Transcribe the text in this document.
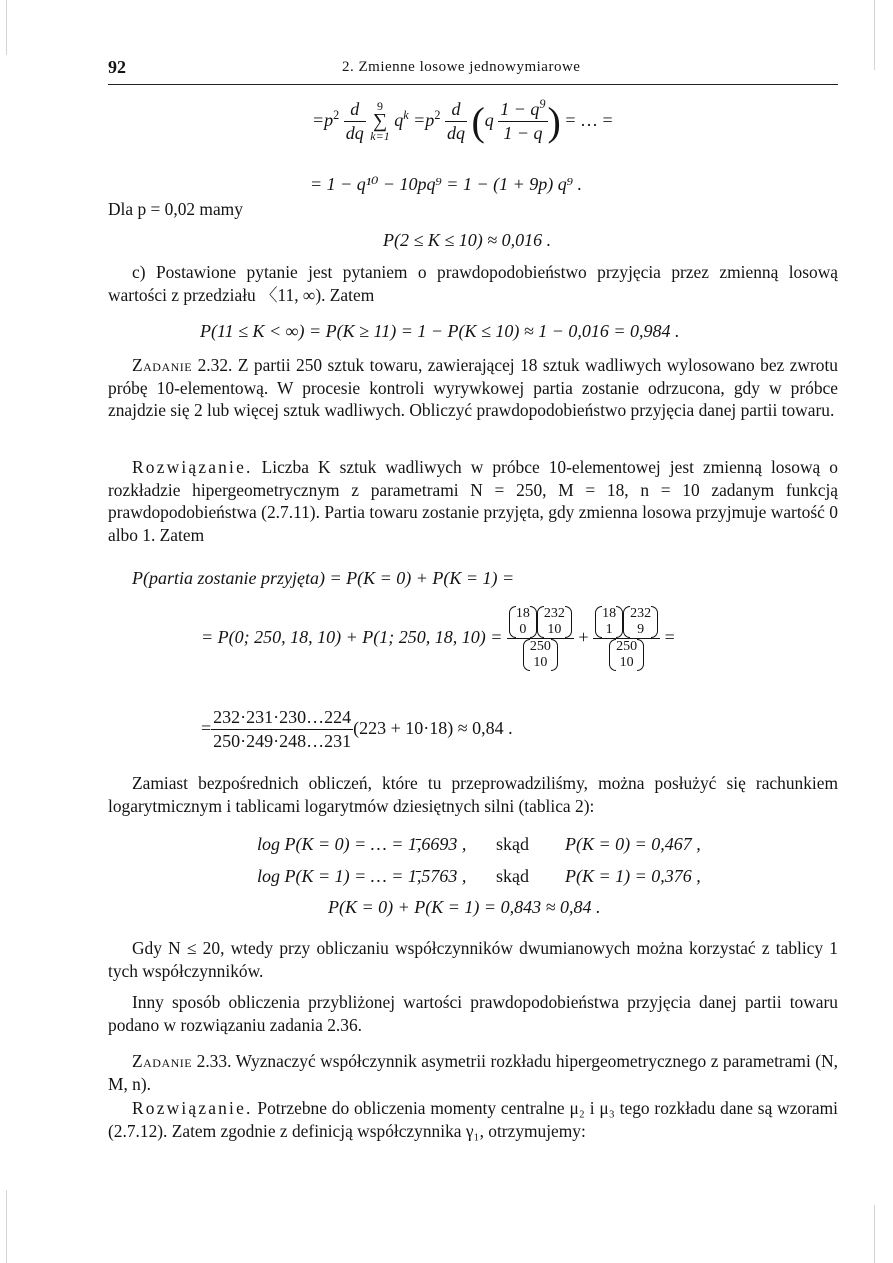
92	2. Zmienne losowe jednowymiarowe
$=p^2 \frac{d}{dq} 9$
∑
k=1 $q^k =p^2 \frac{d}{dq} (q \frac{1 - q^9}{1 - q}$ ) = … =
= 1 − q¹⁰ − 10pq⁹ = 1 − (1 + 9p) q⁹ .
Dla p = 0,02 mamy
P(2 ≤ K ≤ 10) ≈ 0,016 .
c) Postawione pytanie jest pytaniem o prawdopodobieństwo przyjęcia przez zmienną losową wartości z przedziału 〈11, ∞). Zatem
P(11 ≤ K < ∞) = P(K ≥ 11) = 1 − P(K ≤ 10) ≈ 1 − 0,016 = 0,984 .
Zadanie 2.32. Z partii 250 sztuk towaru, zawierającej 18 sztuk wadliwych wylosowano bez zwrotu próbę 10-elementową. W procesie kontroli wyrywkowej partia zostanie odrzucona, gdy w próbce znajdzie się 2 lub więcej sztuk wadliwych. Obliczyć prawdopodobieństwo przyjęcia danej partii towaru.
Rozwiązanie. Liczba K sztuk wadliwych w próbce 10-elementowej jest zmienną losową o rozkładzie hipergeometrycznym z parametrami N = 250, M = 18, n = 10 zadanym funkcją prawdopodobieństwa (2.7.11). Partia towaru zostanie przyjęta, gdy zmienna losowa przyjmuje wartość 0 albo 1. Zatem
P(partia zostanie przyjęta) = P(K = 0) + P(K = 1) =
= P(0; 250, 18, 10) + P(1; 250, 18, 10) = 18
0
232
10
250
10 + 18
1
232
9
250
10 =
= $\frac{232\cdot 231\cdot 230\dots 224}{250\cdot 249\cdot 248\dots 231} (223 + 10\cdot 18) \approx 0,84$ .
Zamiast bezpośrednich obliczeń, które tu przeprowadziliśmy, można posłużyć się rachunkiem logarytmicznym i tablicami logarytmów dziesiętnych silni (tablica 2):
log P(K = 0) = … = 1̄,6693 , skąd P(K = 0) = 0,467 ,
log P(K = 1) = … = 1̄,5763 , skąd P(K = 1) = 0,376 ,
P(K = 0) + P(K = 1) = 0,843 ≈ 0,84 .
Gdy N ≤ 20, wtedy przy obliczaniu współczynników dwumianowych można korzystać z tablicy 1 tych współczynników.
Inny sposób obliczenia przybliżonej wartości prawdopodobieństwa przyjęcia danej partii towaru podano w rozwiązaniu zadania 2.36.
Zadanie 2.33. Wyznaczyć współczynnik asymetrii rozkładu hipergeometrycznego z parametrami (N, M, n).
Rozwiązanie. Potrzebne do obliczenia momenty centralne μ₂ i μ₃ tego rozkładu dane są wzorami (2.7.12). Zatem zgodnie z definicją współczynnika γ₁, otrzymujemy:
